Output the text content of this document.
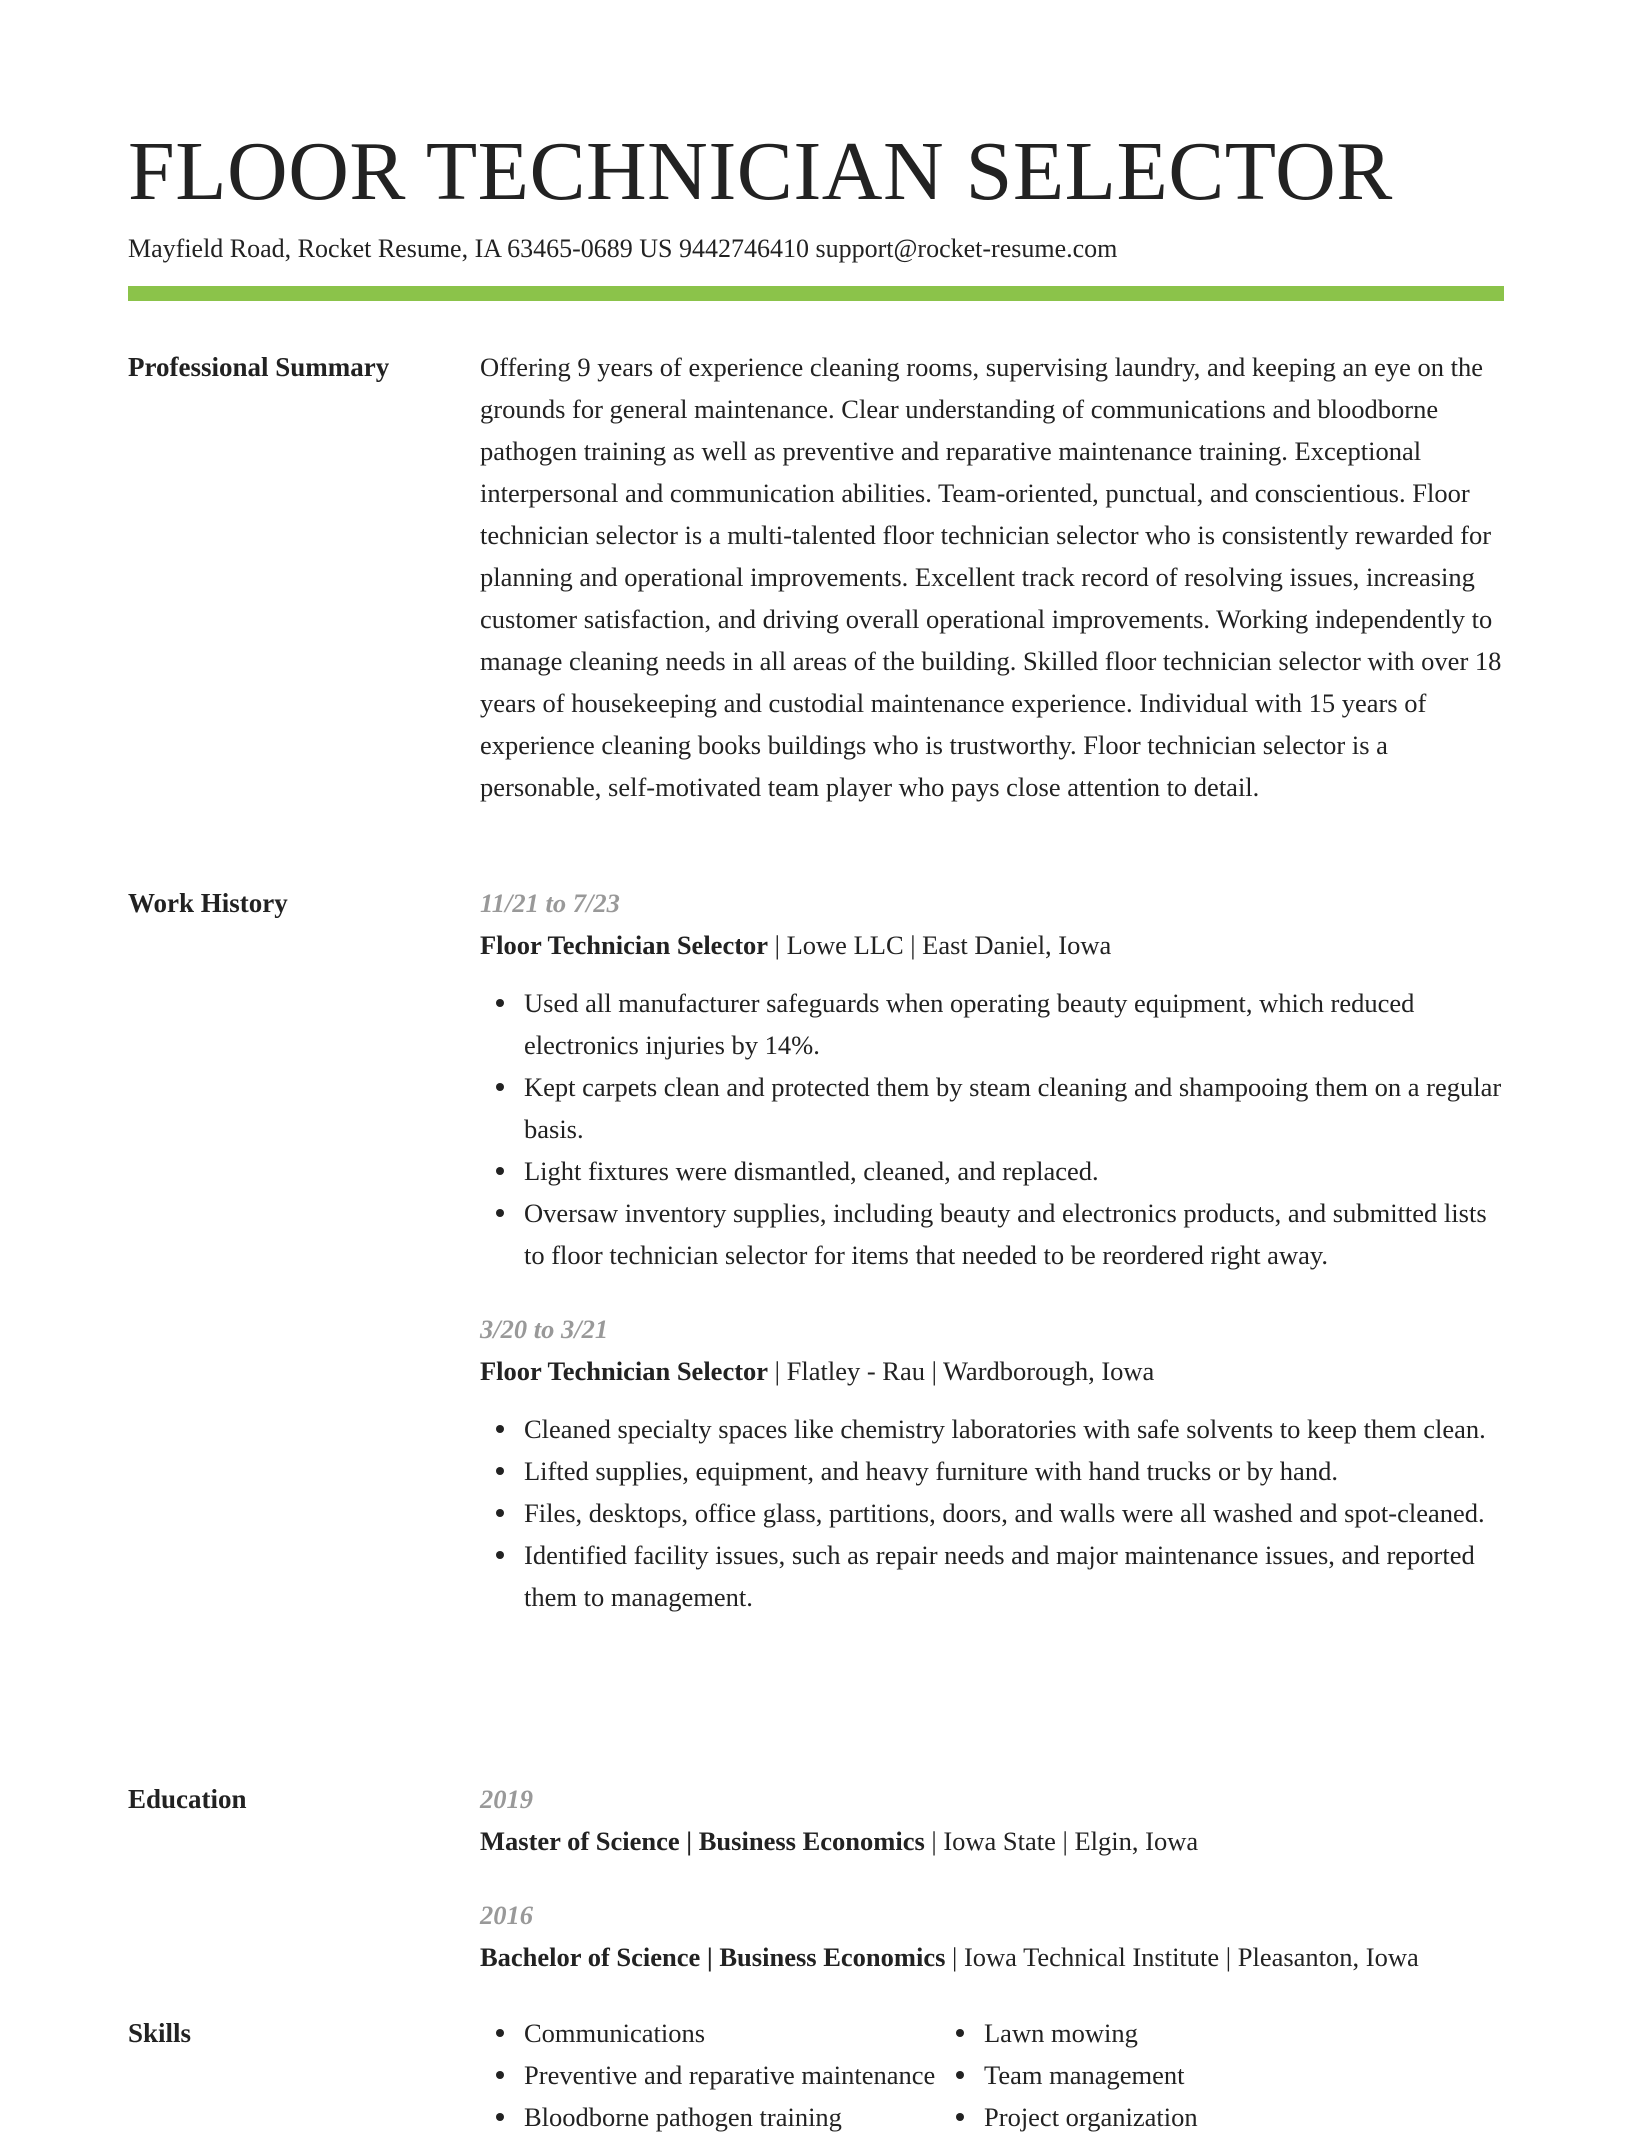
FLOOR TECHNICIAN SELECTOR
Mayfield Road, Rocket Resume, IA 63465-0689 US 9442746410 support@rocket-resume.com
Professional Summary	Offering 9 years of experience cleaning rooms, supervising laundry, and keeping an eye on the grounds for general maintenance. Clear understanding of communications and bloodborne pathogen training as well as preventive and reparative maintenance training. Exceptional interpersonal and communication abilities. Team-oriented, punctual, and conscientious. Floor technician selector is a multi-talented floor technician selector who is consistently rewarded for planning and operational improvements. Excellent track record of resolving issues, increasing customer satisfaction, and driving overall operational improvements. Working independently to manage cleaning needs in all areas of the building. Skilled floor technician selector with over 18 years of housekeeping and custodial maintenance experience. Individual with 15 years of experience cleaning books buildings who is trustworthy. Floor technician selector is a personable, self-motivated team player who pays close attention to detail.

Work History	11/21 to 7/23
Floor Technician Selector | Lowe LLC | East Daniel, Iowa
Used all manufacturer safeguards when operating beauty equipment, which reduced electronics injuries by 14%.
Kept carpets clean and protected them by steam cleaning and shampooing them on a regular basis.
Light fixtures were dismantled, cleaned, and replaced.
Oversaw inventory supplies, including beauty and electronics products, and submitted lists to floor technician selector for items that needed to be reordered right away.
3/20 to 3/21
Floor Technician Selector | Flatley - Rau | Wardborough, Iowa
Cleaned specialty spaces like chemistry laboratories with safe solvents to keep them clean.
Lifted supplies, equipment, and heavy furniture with hand trucks or by hand.
Files, desktops, office glass, partitions, doors, and walls were all washed and spot-cleaned.
Identified facility issues, such as repair needs and major maintenance issues, and reported them to management.
Education	2019
Master of Science | Business Economics | Iowa State | Elgin, Iowa
2016
Bachelor of Science | Business Economics | Iowa Technical Institute | Pleasanton, Iowa
Skills	Communications
Preventive and reparative maintenance
Bloodborne pathogen training
Lawn mowing
Team management
Project organization
